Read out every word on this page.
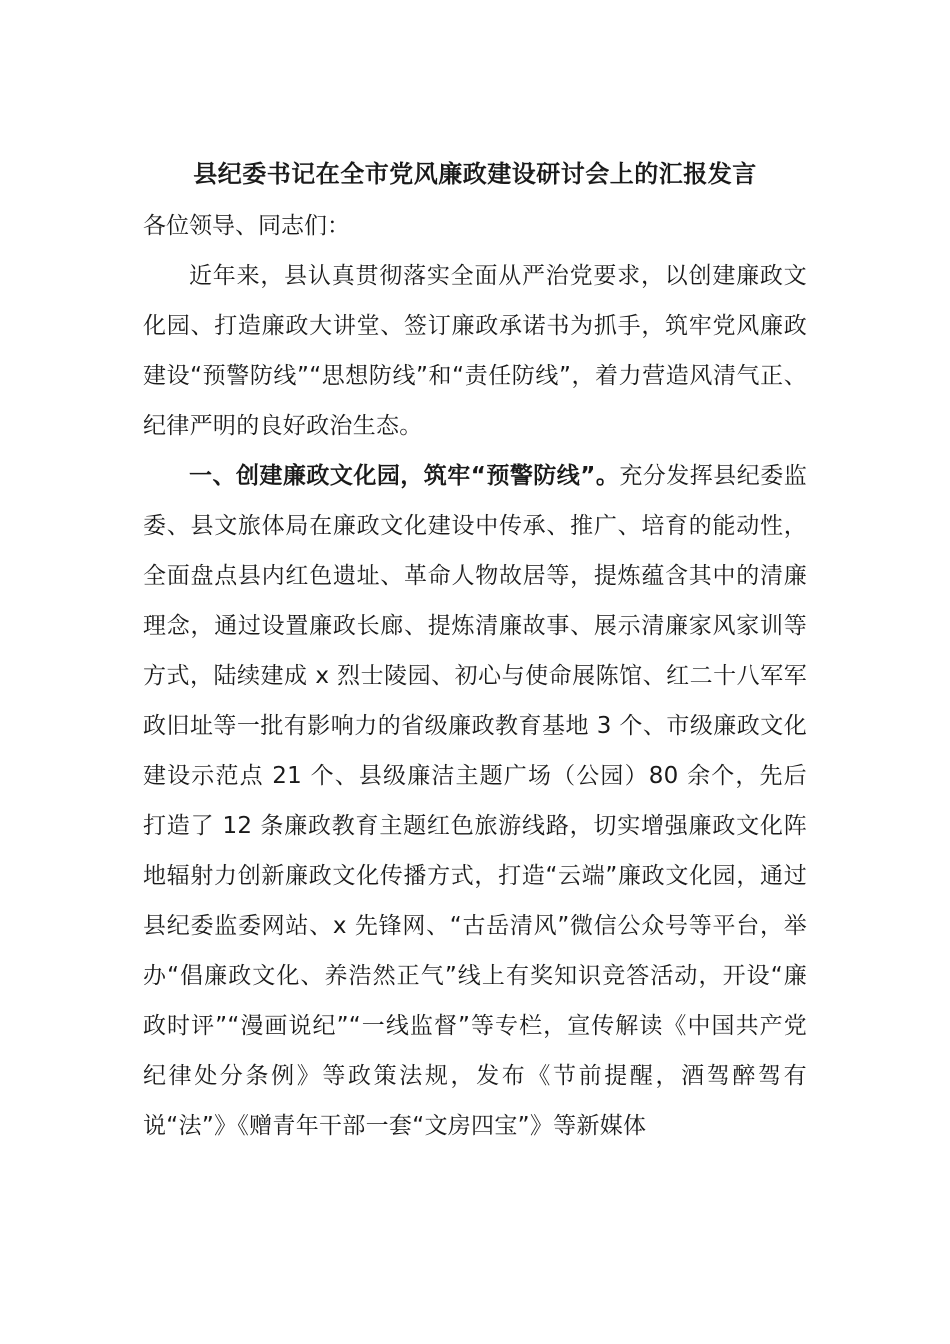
县纪委书记在全市党风廉政建设研讨会上的汇报发言

各位领导、同志们：

近年来，县认真贯彻落实全面从严治党要求，以创建廉政文化园、打造廉政大讲堂、签订廉政承诺书为抓手，筑牢党风廉政建设“预警防线”“思想防线”和“责任防线”，着力营造风清气正、纪律严明的良好政治生态。

一、创建廉政文化园，筑牢“预警防线”。充分发挥县纪委监委、县文旅体局在廉政文化建设中传承、推广、培育的能动性，全面盘点县内红色遗址、革命人物故居等，提炼蕴含其中的清廉理念，通过设置廉政长廊、提炼清廉故事、展示清廉家风家训等方式，陆续建成 x 烈士陵园、初心与使命展陈馆、红二十八军军政旧址等一批有影响力的省级廉政教育基地 3 个、市级廉政文化建设示范点 21 个、县级廉洁主题广场（公园）80 余个，先后打造了 12 条廉政教育主题红色旅游线路，切实增强廉政文化阵地辐射力创新廉政文化传播方式，打造“云端”廉政文化园，通过县纪委监委网站、x 先锋网、“古岳清风”微信公众号等平台，举办“倡廉政文化、养浩然正气”线上有奖知识竞答活动，开设“廉政时评”“漫画说纪”“一线监督”等专栏，宣传解读《中国共产党纪律处分条例》等政策法规，发布《节前提醒，酒驾醉驾有说“法”》《赠青年干部一套“文房四宝”》等新媒体
